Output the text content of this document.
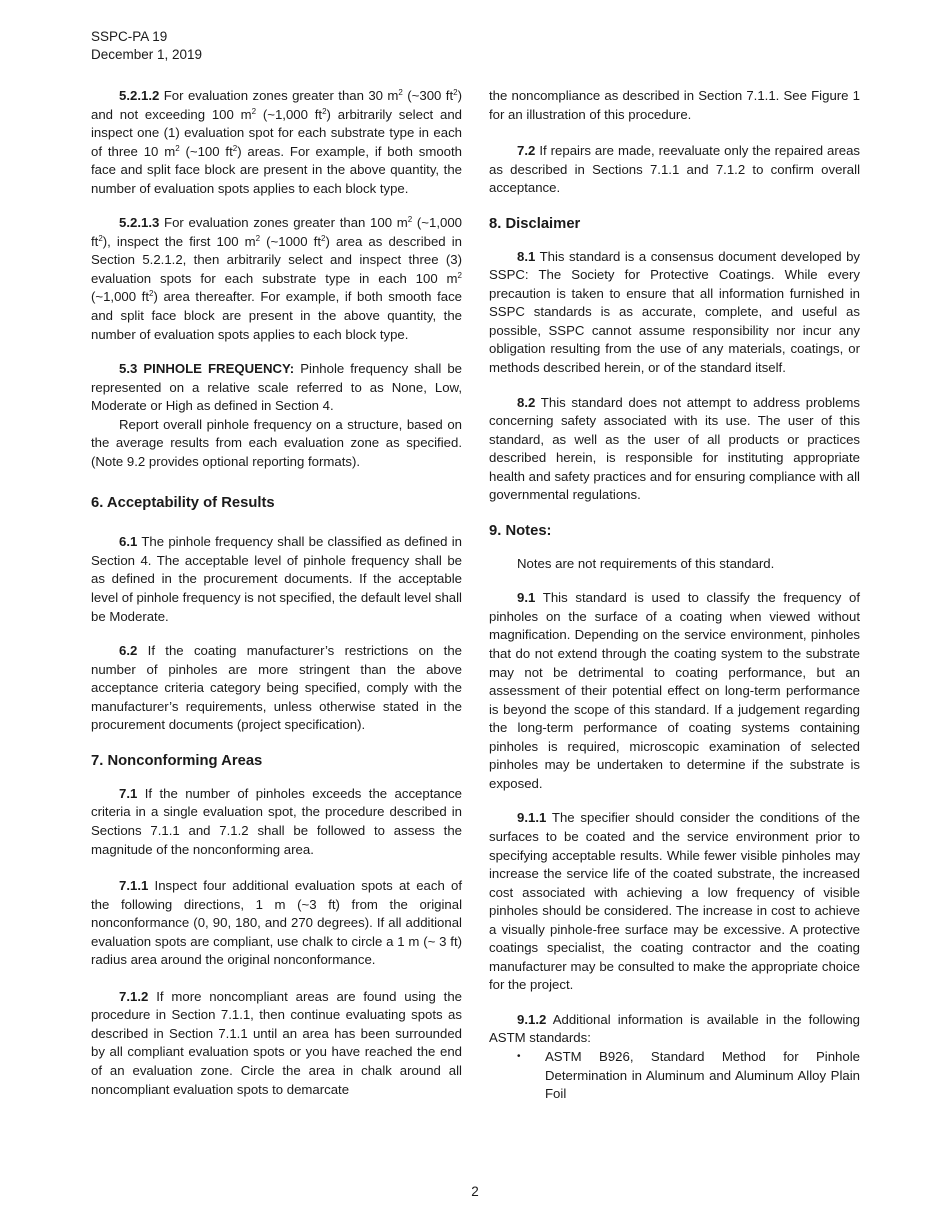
SSPC-PA 19
December 1, 2019

5.2.1.2 For evaluation zones greater than 30 $m^2$ (~300 $ft^2$) and not exceeding 100 $m^2$ (~1,000 $ft^2$) arbitrarily select and inspect one (1) evaluation spot for each substrate type in each of three 10 $m^2$ (~100 $ft^2$) areas. For example, if both smooth face and split face block are present in the above quantity, the number of evaluation spots applies to each block type.

5.2.1.3 For evaluation zones greater than 100 $m^2$ (~1,000 $ft^2$), inspect the first 100 $m^2$ (~1000 $ft^2$) area as described in Section 5.2.1.2, then arbitrarily select and inspect three (3) evaluation spots for each substrate type in each 100 $m^2$ (~1,000 $ft^2$) area thereafter. For example, if both smooth face and split face block are present in the above quantity, the number of evaluation spots applies to each block type.

5.3 PINHOLE FREQUENCY: Pinhole frequency shall be represented on a relative scale referred to as None, Low, Moderate or High as defined in Section 4.

Report overall pinhole frequency on a structure, based on the average results from each evaluation zone as specified. (Note 9.2 provides optional reporting formats).

6. Acceptability of Results

6.1 The pinhole frequency shall be classified as defined in Section 4. The acceptable level of pinhole frequency shall be as defined in the procurement documents. If the acceptable level of pinhole frequency is not specified, the default level shall be Moderate.

6.2 If the coating manufacturer’s restrictions on the number of pinholes are more stringent than the above acceptance criteria category being specified, comply with the manufacturer’s requirements, unless otherwise stated in the procurement documents (project specification).

7. Nonconforming Areas

7.1 If the number of pinholes exceeds the acceptance criteria in a single evaluation spot, the procedure described in Sections 7.1.1 and 7.1.2 shall be followed to assess the magnitude of the nonconforming area.

7.1.1 Inspect four additional evaluation spots at each of the following directions, 1 m (~3 ft) from the original nonconformance (0, 90, 180, and 270 degrees). If all additional evaluation spots are compliant, use chalk to circle a 1 m (~ 3 ft) radius area around the original nonconformance.

7.1.2 If more noncompliant areas are found using the procedure in Section 7.1.1, then continue evaluating spots as described in Section 7.1.1 until an area has been surrounded by all compliant evaluation spots or you have reached the end of an evaluation zone. Circle the area in chalk around all noncompliant evaluation spots to demarcate

the noncompliance as described in Section 7.1.1. See Figure 1 for an illustration of this procedure.

7.2 If repairs are made, reevaluate only the repaired areas as described in Sections 7.1.1 and 7.1.2 to confirm overall acceptance.

8. Disclaimer

8.1 This standard is a consensus document developed by SSPC: The Society for Protective Coatings. While every precaution is taken to ensure that all information furnished in SSPC standards is as accurate, complete, and useful as possible, SSPC cannot assume responsibility nor incur any obligation resulting from the use of any materials, coatings, or methods described herein, or of the standard itself.

8.2 This standard does not attempt to address problems concerning safety associated with its use. The user of this standard, as well as the user of all products or practices described herein, is responsible for instituting appropriate health and safety practices and for ensuring compliance with all governmental regulations.

9. Notes:

Notes are not requirements of this standard.

9.1 This standard is used to classify the frequency of pinholes on the surface of a coating when viewed without magnification. Depending on the service environment, pinholes that do not extend through the coating system to the substrate may not be detrimental to coating performance, but an assessment of their potential effect on long-term performance is beyond the scope of this standard. If a judgement regarding the long-term performance of coating systems containing pinholes is required, microscopic examination of selected pinholes may be undertaken to determine if the substrate is exposed.

9.1.1 The specifier should consider the conditions of the surfaces to be coated and the service environment prior to specifying acceptable results. While fewer visible pinholes may increase the service life of the coated substrate, the increased cost associated with achieving a low frequency of visible pinholes should be considered. The increase in cost to achieve a visually pinhole-free surface may be excessive. A protective coatings specialist, the coating contractor and the coating manufacturer may be consulted to make the appropriate choice for the project.

9.1.2 Additional information is available in the following ASTM standards:

• ASTM B926, Standard Method for Pinhole Determination in Aluminum and Aluminum Alloy Plain Foil
2
